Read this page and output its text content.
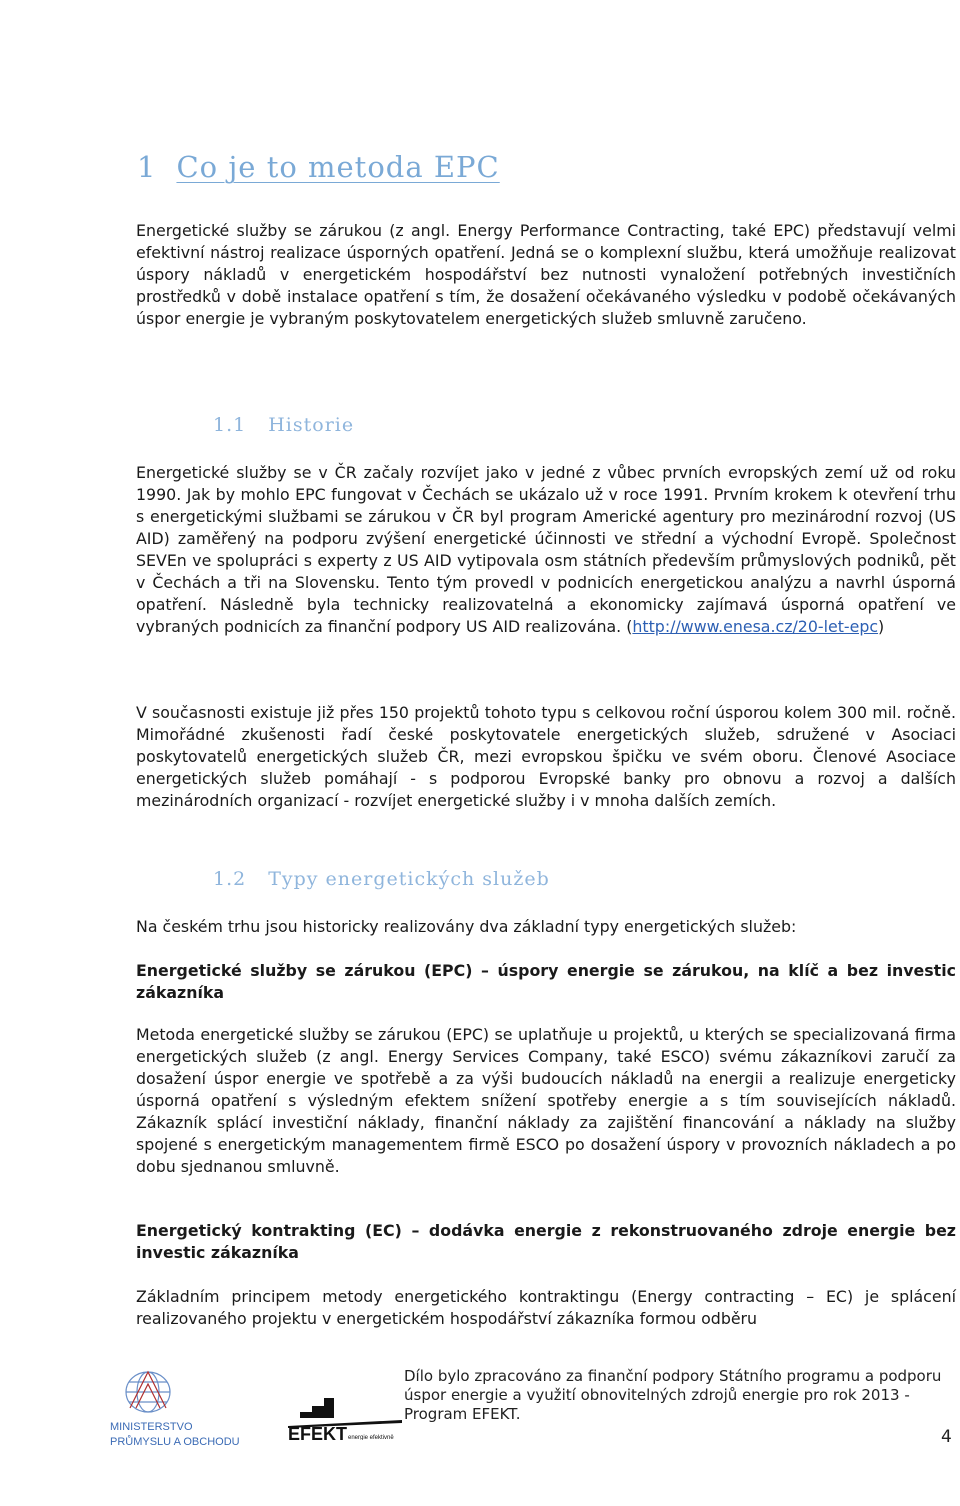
1 Co je to metoda EPC

Energetické služby se zárukou (z angl. Energy Performance Contracting, také EPC) představují velmi efektivní nástroj realizace úsporných opatření. Jedná se o komplexní službu, která umožňuje realizovat úspory nákladů v energetickém hospodářství bez nutnosti vynaložení potřebných investičních prostředků v době instalace opatření s tím, že dosažení očekávaného výsledku v podobě očekávaných úspor energie je vybraným poskytovatelem energetických služeb smluvně zaručeno.

1.1 Historie

Energetické služby se v ČR začaly rozvíjet jako v jedné z vůbec prvních evropských zemí už od roku 1990. Jak by mohlo EPC fungovat v Čechách se ukázalo už v roce 1991. Prvním krokem k otevření trhu s energetickými službami se zárukou v ČR byl program Americké agentury pro mezinárodní rozvoj (US AID) zaměřený na podporu zvýšení energetické účinnosti ve střední a východní Evropě. Společnost SEVEn ve spolupráci s experty z US AID vytipovala osm státních především průmyslových podniků, pět v Čechách a tři na Slovensku. Tento tým provedl v podnicích energetickou analýzu a navrhl úsporná opatření. Následně byla technicky realizovatelná a ekonomicky zajímavá úsporná opatření ve vybraných podnicích za finanční podpory US AID realizována. (http://www.enesa.cz/20-let-epc)

V současnosti existuje již přes 150 projektů tohoto typu s celkovou roční úsporou kolem 300 mil. ročně. Mimořádné zkušenosti řadí české poskytovatele energetických služeb, sdružené v Asociaci poskytovatelů energetických služeb ČR, mezi evropskou špičku ve svém oboru. Členové Asociace energetických služeb pomáhají - s podporou Evropské banky pro obnovu a rozvoj a dalších mezinárodních organizací - rozvíjet energetické služby i v mnoha dalších zemích.

1.2 Typy energetických služeb

Na českém trhu jsou historicky realizovány dva základní typy energetických služeb:

Energetické služby se zárukou (EPC) – úspory energie se zárukou, na klíč a bez investic zákazníka

Metoda energetické služby se zárukou (EPC) se uplatňuje u projektů, u kterých se specializovaná firma energetických služeb (z angl. Energy Services Company, také ESCO) svému zákazníkovi zaručí za dosažení úspor energie ve spotřebě a za výši budoucích nákladů na energii a realizuje energeticky úsporná opatření s výsledným efektem snížení spotřeby energie a s tím souvisejících nákladů. Zákazník splácí investiční náklady, finanční náklady za zajištění financování a náklady na služby spojené s energetickým managementem firmě ESCO po dosažení úspory v provozních nákladech a po dobu sjednanou smluvně.

Energetický kontrakting (EC) – dodávka energie z rekonstruovaného zdroje energie bez investic zákazníka

Základním principem metody energetického kontraktingu (Energy contracting – EC) je splácení realizovaného projektu v energetickém hospodářství zákazníka formou odběru

MINISTERSTVO
PRŮMYSLU A OBCHODU	EFEKT energie efektivně

Dílo bylo zpracováno za finanční podpory Státního programu a podporu úspor energie a využití obnovitelných zdrojů energie pro rok 2013 - Program EFEKT.

4
